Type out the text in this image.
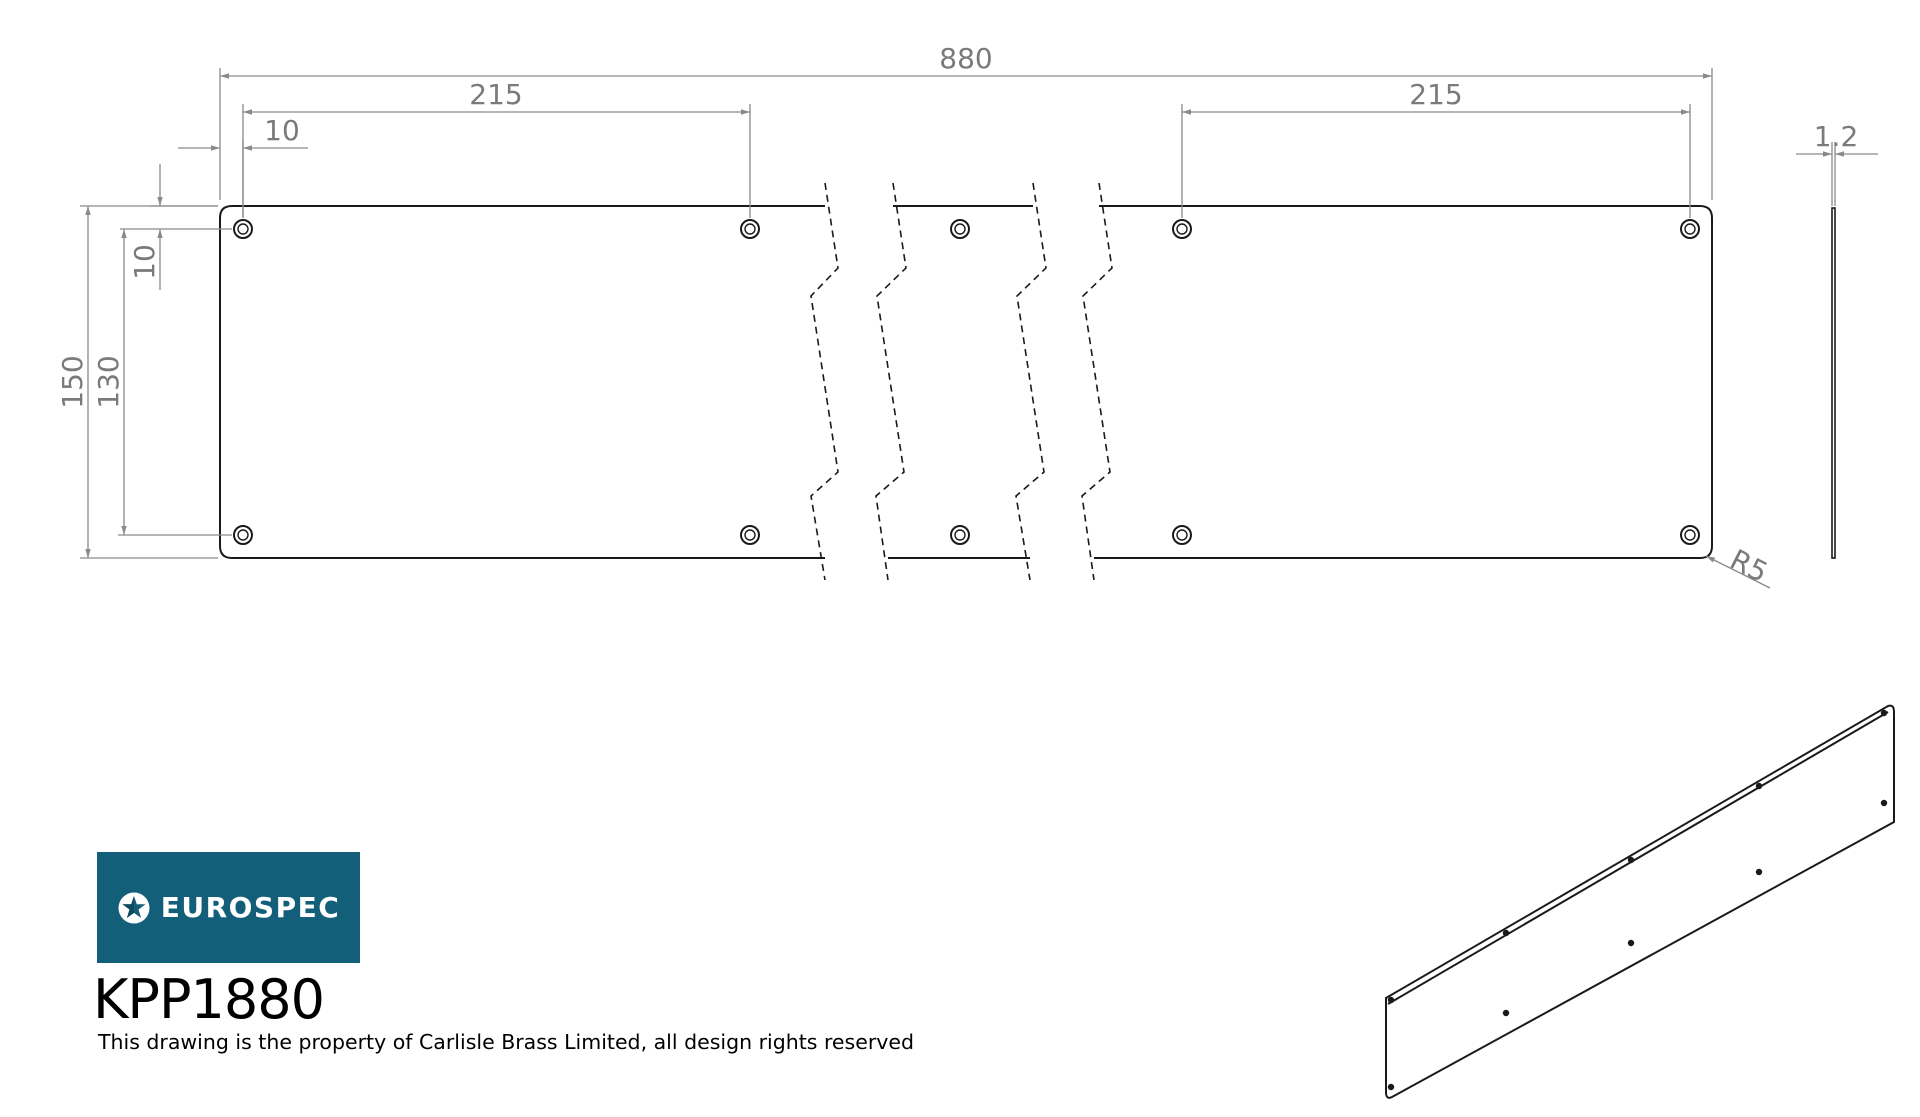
880
215	215
10
10
150 130
R5
1.2
EUROSPEC
KPP1880
This drawing is the property of Carlisle Brass Limited, all design rights reserved
